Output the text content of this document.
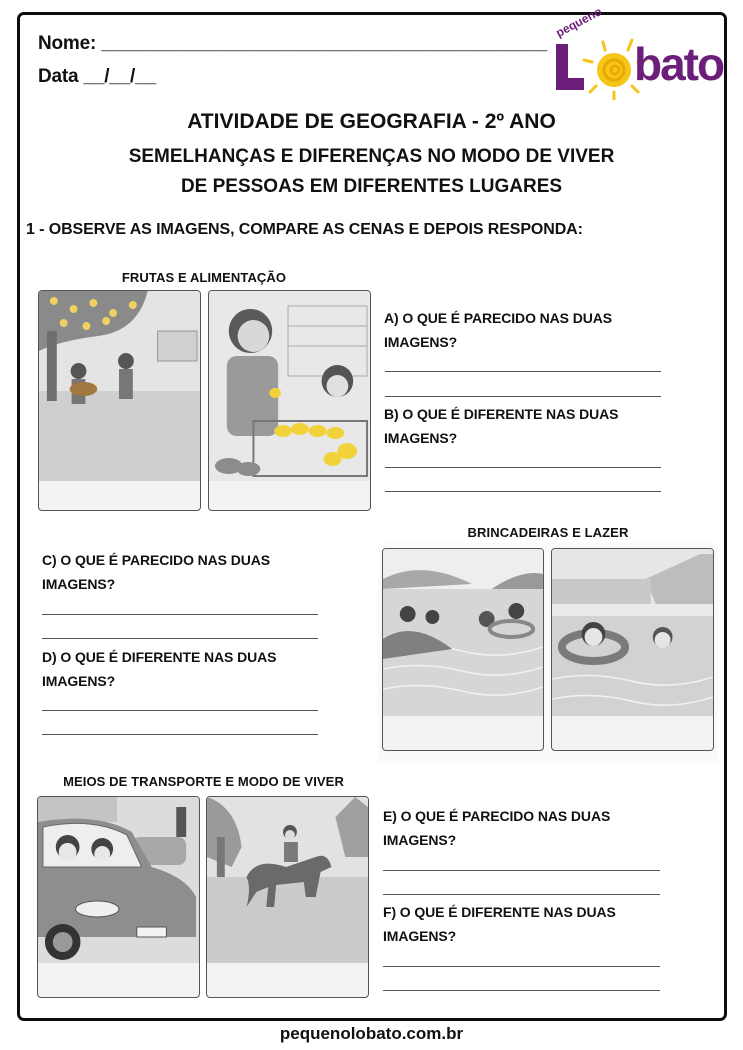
Nome: ___________________________________________
Data __/__/__
pequeno
bato
ATIVIDADE DE GEOGRAFIA - 2º ANO
SEMELHANÇAS E DIFERENÇAS NO MODO DE VIVER
DE PESSOAS EM DIFERENTES LUGARES
1 - OBSERVE AS IMAGENS, COMPARE AS CENAS E DEPOIS RESPONDA:
FRUTAS E ALIMENTAÇÃO
A) O QUE É PARECIDO NAS DUAS
IMAGENS?
B) O QUE É DIFERENTE NAS DUAS
IMAGENS?
BRINCADEIRAS E LAZER
C) O QUE É PARECIDO NAS DUAS
IMAGENS?
D) O QUE É DIFERENTE NAS DUAS
IMAGENS?
MEIOS DE TRANSPORTE E MODO DE VIVER
E) O QUE É PARECIDO NAS DUAS
IMAGENS?
F) O QUE É DIFERENTE NAS DUAS
IMAGENS?
pequenolobato.com.br
